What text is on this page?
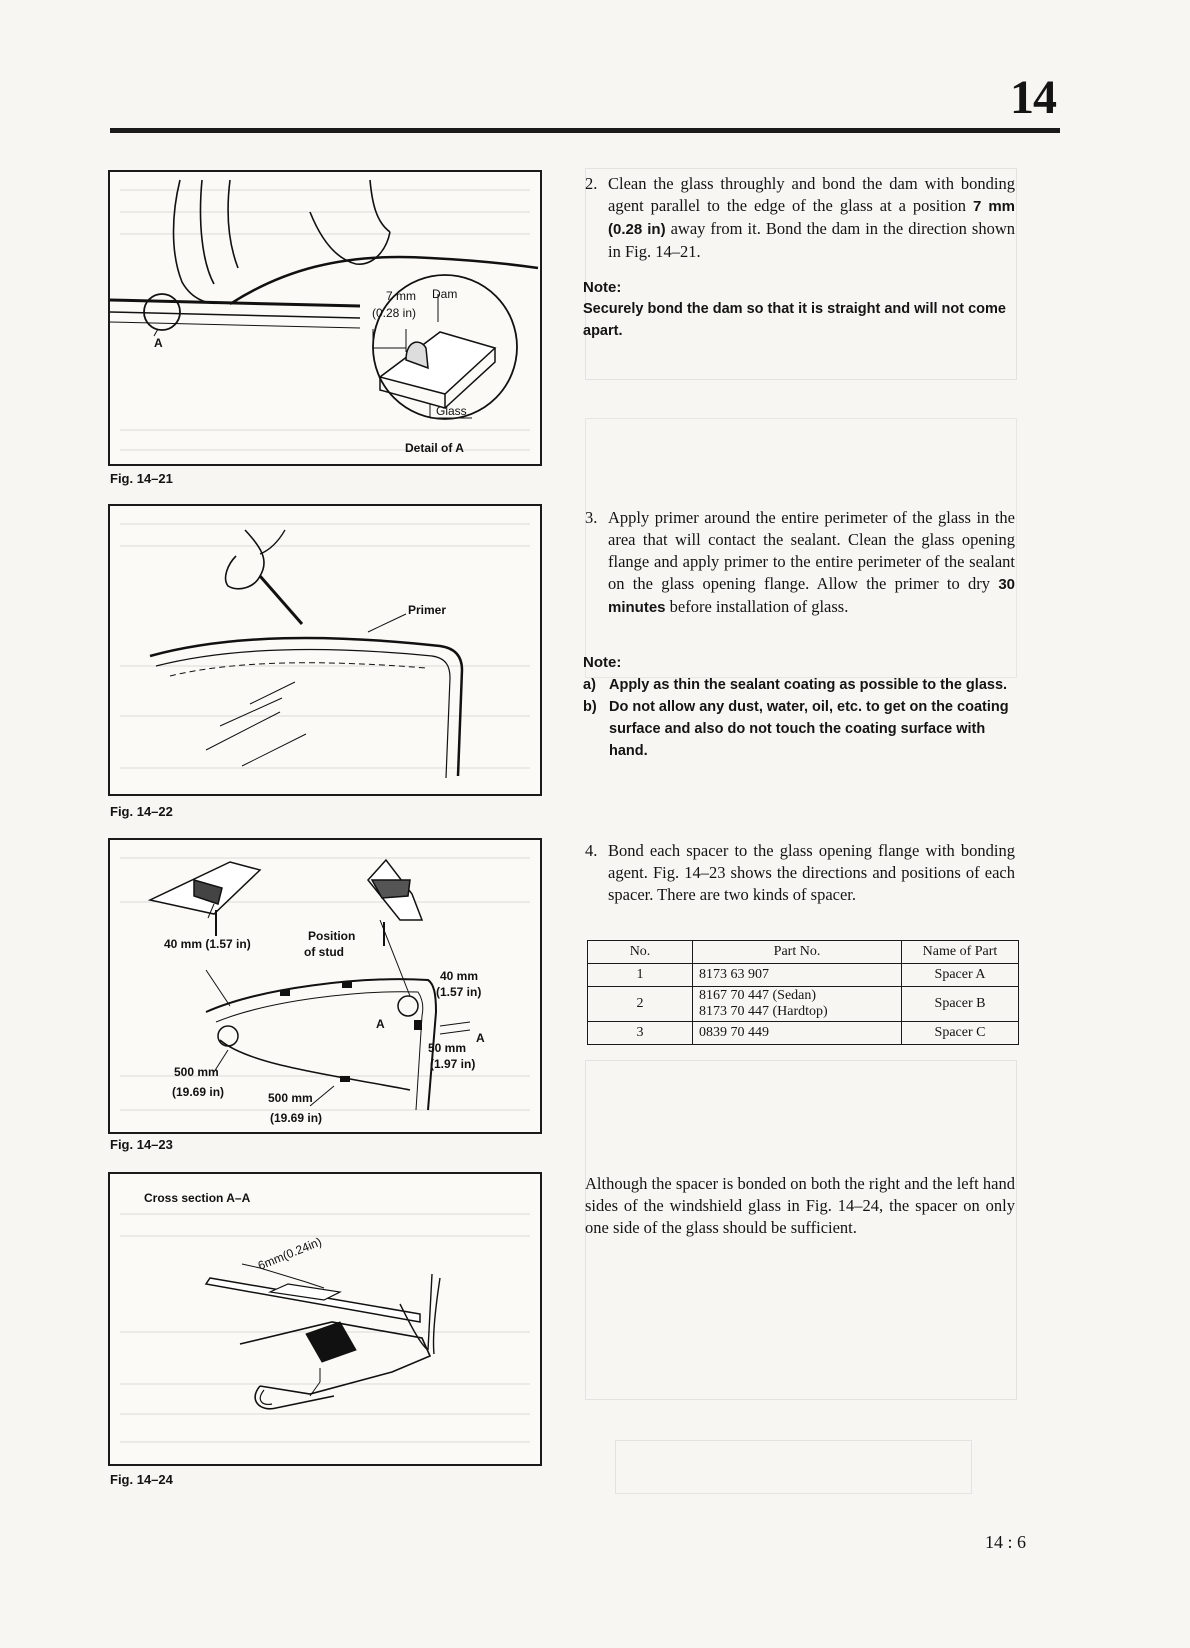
14
A
7 mm Dam
(0.28 in)
Glass
Detail of A
Fig. 14–21
Primer
Fig. 14–22
40 mm (1.57 in)
Position
of stud
40 mm
(1.57 in)
A
A
50 mm
(1.97 in)
500 mm
(19.69 in)	500 mm
(19.69 in)
Fig. 14–23
Cross section A–A
6mm(0.24in)
Fig. 14–24
2. Clean the glass throughly and bond the dam with bonding agent parallel to the edge of the glass at a position 7 mm (0.28 in) away from it. Bond the dam in the direction shown in Fig. 14–21.
Note:
Securely bond the dam so that it is straight and will not come apart.
3. Apply primer around the entire perimeter of the glass in the area that will contact the sealant. Clean the glass opening flange and apply primer to the entire perimeter of the sealant on the glass opening flange. Allow the primer to dry 30 minutes before installation of glass.
Note:
a) Apply as thin the sealant coating as possible to the glass.
b) Do not allow any dust, water, oil, etc. to get on the coating surface and also do not touch the coating surface with hand.
4. Bond each spacer to the glass opening flange with bonding agent. Fig. 14–23 shows the directions and positions of each spacer. There are two kinds of spacer.
No.	Part No.	Name of Part
1	8173 63 907	Spacer A
2	8167 70 447 (Sedan)
8173 70 447 (Hardtop)	Spacer B
3	0839 70 449	Spacer C
Although the spacer is bonded on both the right and the left hand sides of the windshield glass in Fig. 14–24, the spacer on only one side of the glass should be sufficient.
14 : 6
